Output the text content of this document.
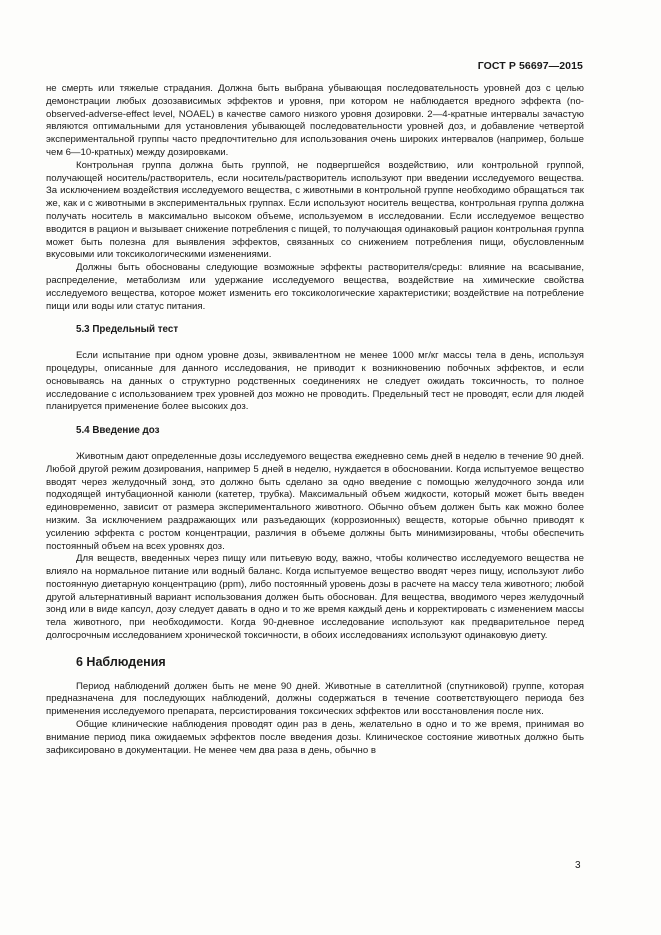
ГОСТ Р 56697—2015

не смерть или тяжелые страдания. Должна быть выбрана убывающая последовательность уровней доз с целью демонстрации любых дозозависимых эффектов и уровня, при котором не наблюдается вредного эффекта (no-observed-adverse-effect level, NOAEL) в качестве самого низкого уровня дозировки. 2—4-кратные интервалы зачастую являются оптимальными для установления убывающей последовательности уровней доз, и добавление четвертой экспериментальной группы часто предпочтительно для использования очень широких интервалов (например, больше чем 6—10-кратных) между дозировками.

Контрольная группа должна быть группой, не подвергшейся воздействию, или контрольной группой, получающей носитель/растворитель, если носитель/растворитель используют при введении исследуемого вещества. За исключением воздействия исследуемого вещества, с животными в контрольной группе необходимо обращаться так же, как и с животными в экспериментальных группах. Если используют носитель вещества, контрольная группа должна получать носитель в максимально высоком объеме, используемом в исследовании. Если исследуемое вещество вводится в рацион и вызывает снижение потребления с пищей, то получающая одинаковый рацион контрольная группа может быть полезна для выявления эффектов, связанных со снижением потребления пищи, обусловленным вкусовыми или токсикологическими изменениями.

Должны быть обоснованы следующие возможные эффекты растворителя/среды: влияние на всасывание, распределение, метаболизм или удержание исследуемого вещества, воздействие на химические свойства исследуемого вещества, которое может изменить его токсикологические характеристики; воздействие на потребление пищи или воды или статус питания.

5.3 Предельный тест

Если испытание при одном уровне дозы, эквивалентном не менее 1000 мг/кг массы тела в день, используя процедуры, описанные для данного исследования, не приводит к возникновению побочных эффектов, и если основываясь на данных о структурно родственных соединениях не следует ожидать токсичность, то полное исследование с использованием трех уровней доз можно не проводить. Предельный тест не проводят, если для людей планируется применение более высоких доз.

5.4 Введение доз

Животным дают определенные дозы исследуемого вещества ежедневно семь дней в неделю в течение 90 дней. Любой другой режим дозирования, например 5 дней в неделю, нуждается в обосновании. Когда испытуемое вещество вводят через желудочный зонд, это должно быть сделано за одно введение с помощью желудочного зонда или подходящей интубационной канюли (катетер, трубка). Максимальный объем жидкости, который может быть введен единовременно, зависит от размера экспериментального животного. Обычно объем должен быть как можно более низким. За исключением раздражающих или разъедающих (коррозионных) веществ, которые обычно приводят к усилению эффекта с ростом концентрации, различия в объеме должны быть минимизированы, чтобы обеспечить постоянный объем на всех уровнях доз.

Для веществ, введенных через пищу или питьевую воду, важно, чтобы количество исследуемого вещества не влияло на нормальное питание или водный баланс. Когда испытуемое вещество вводят через пищу, используют либо постоянную диетарную концентрацию (ppm), либо постоянный уровень дозы в расчете на массу тела животного; любой другой альтернативный вариант использования должен быть обоснован. Для вещества, вводимого через желудочный зонд или в виде капсул, дозу следует давать в одно и то же время каждый день и корректировать с изменением массы тела животного, при необходимости. Когда 90-дневное исследование используют как предварительное перед долгосрочным исследованием хронической токсичности, в обоих исследованиях используют одинаковую диету.

6 Наблюдения

Период наблюдений должен быть не мене 90 дней. Животные в сателлитной (спутниковой) группе, которая предназначена для последующих наблюдений, должны содержаться в течение соответствующего периода без применения исследуемого препарата, персистирования токсических эффектов или восстановления после них.

Общие клинические наблюдения проводят один раз в день, желательно в одно и то же время, принимая во внимание период пика ожидаемых эффектов после введения дозы. Клиническое состояние животных должно быть зафиксировано в документации. Не менее чем два раза в день, обычно в

3
